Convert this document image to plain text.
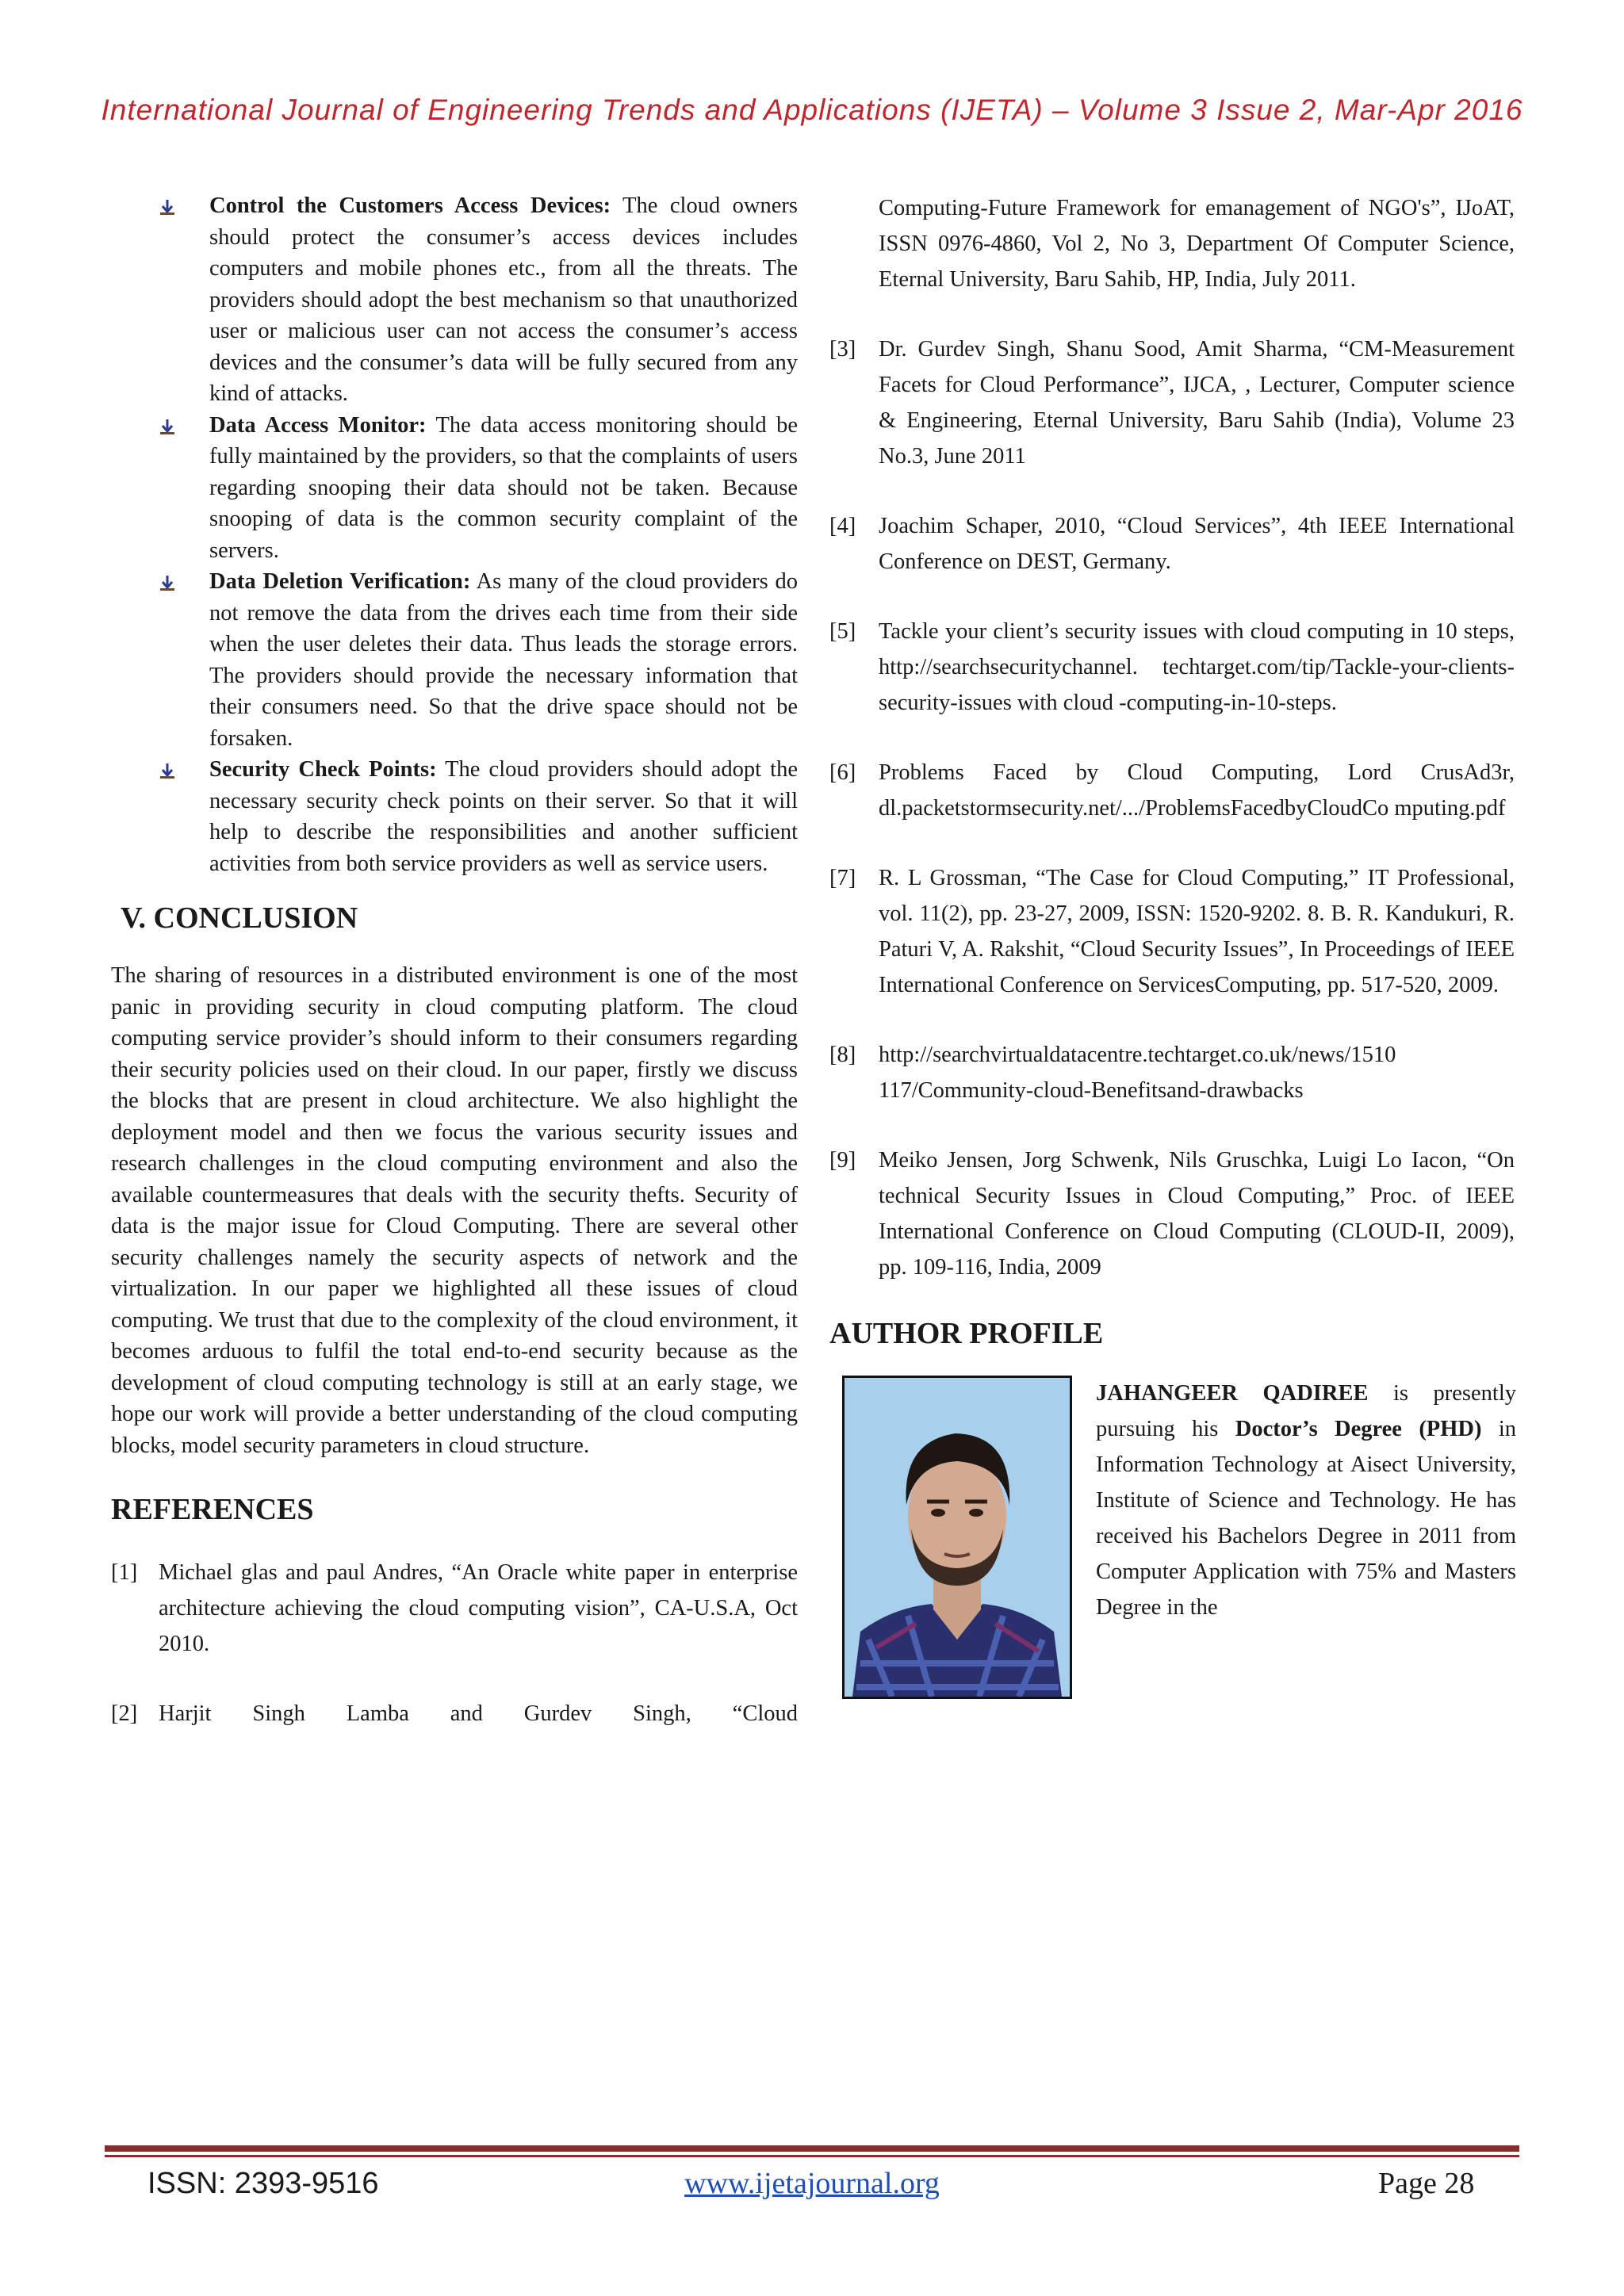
International Journal of Engineering Trends and Applications (IJETA) – Volume 3 Issue 2, Mar-Apr 2016
Control the Customers Access Devices: The cloud owners should protect the consumer’s access devices includes computers and mobile phones etc., from all the threats. The providers should adopt the best mechanism so that unauthorized user or malicious user can not access the consumer’s access devices and the consumer’s data will be fully secured from any kind of attacks.
Data Access Monitor: The data access monitoring should be fully maintained by the providers, so that the complaints of users regarding snooping their data should not be taken. Because snooping of data is the common security complaint of the servers.
Data Deletion Verification: As many of the cloud providers do not remove the data from the drives each time from their side when the user deletes their data. Thus leads the storage errors. The providers should provide the necessary information that their consumers need. So that the drive space should not be forsaken.
Security Check Points: The cloud providers should adopt the necessary security check points on their server. So that it will help to describe the responsibilities and another sufficient activities from both service providers as well as service users.
V. CONCLUSION
The sharing of resources in a distributed environment is one of the most panic in providing security in cloud computing platform. The cloud computing service provider’s should inform to their consumers regarding their security policies used on their cloud. In our paper, firstly we discuss the blocks that are present in cloud architecture. We also highlight the deployment model and then we focus the various security issues and research challenges in the cloud computing environment and also the available countermeasures that deals with the security thefts. Security of data is the major issue for Cloud Computing. There are several other security challenges namely the security aspects of network and the virtualization. In our paper we highlighted all these issues of cloud computing. We trust that due to the complexity of the cloud environment, it becomes arduous to fulfil the total end-to-end security because as the development of cloud computing technology is still at an early stage, we hope our work will provide a better understanding of the cloud computing blocks, model security parameters in cloud structure.
REFERENCES
[1] Michael glas and paul Andres, “An Oracle white paper in enterprise architecture achieving the cloud computing vision”, CA-U.S.A, Oct 2010.
[2] Harjit Singh Lamba and Gurdev Singh, “Cloud
Computing-Future Framework for emanagement of NGO's”, IJoAT, ISSN 0976-4860, Vol 2, No 3, Department Of Computer Science, Eternal University, Baru Sahib, HP, India, July 2011.
[3] Dr. Gurdev Singh, Shanu Sood, Amit Sharma, “CM-Measurement Facets for Cloud Performance”, IJCA, , Lecturer, Computer science & Engineering, Eternal University, Baru Sahib (India), Volume 23 No.3, June 2011
[4] Joachim Schaper, 2010, “Cloud Services”, 4th IEEE International Conference on DEST, Germany.
[5] Tackle your client’s security issues with cloud computing in 10 steps, http://searchsecuritychannel. techtarget.com/tip/Tackle-your-clients-security-issues with cloud -computing-in-10-steps.
[6] Problems Faced by Cloud Computing, Lord CrusAd3r, dl.packetstormsecurity.net/.../ProblemsFacedbyCloudCo mputing.pdf
[7] R. L Grossman, “The Case for Cloud Computing,” IT Professional, vol. 11(2), pp. 23-27, 2009, ISSN: 1520-9202. 8. B. R. Kandukuri, R. Paturi V, A. Rakshit, “Cloud Security Issues”, In Proceedings of IEEE International Conference on ServicesComputing, pp. 517-520, 2009.
[8] http://searchvirtualdatacentre.techtarget.co.uk/news/1510 117/Community-cloud-Benefitsand-drawbacks
[9] Meiko Jensen, Jorg Schwenk, Nils Gruschka, Luigi Lo Iacon, “On technical Security Issues in Cloud Computing,” Proc. of IEEE International Conference on Cloud Computing (CLOUD-II, 2009), pp. 109-116, India, 2009
AUTHOR PROFILE
JAHANGEER QADIREE is presently pursuing his Doctor’s Degree (PHD) in Information Technology at Aisect University, Institute of Science and Technology. He has received his Bachelors Degree in 2011 from Computer Application with 75% and Masters Degree in the
ISSN: 2393-9516	www.ijetajournal.org	Page 28
